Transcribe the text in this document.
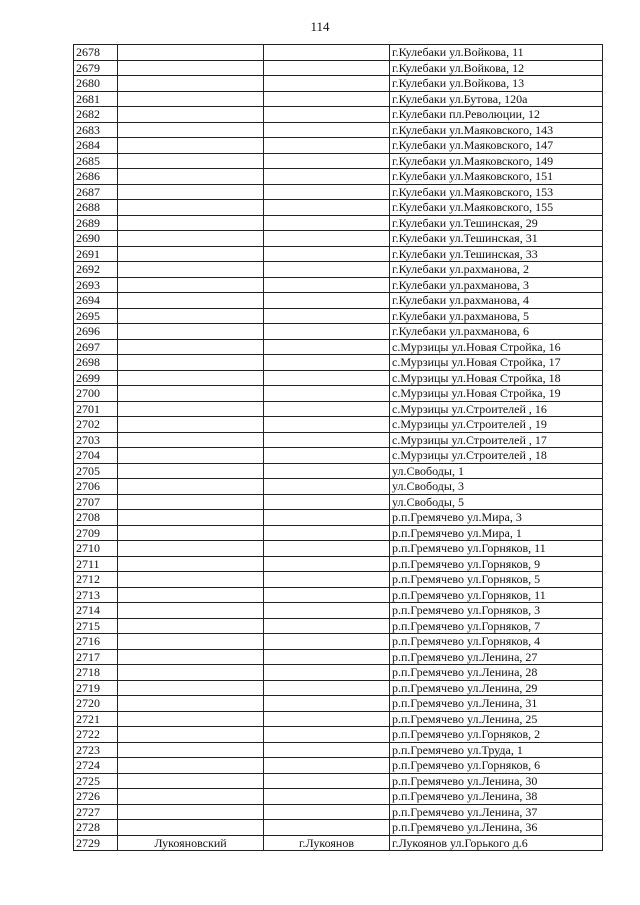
114
2678			г.Кулебаки ул.Войкова, 11
2679			г.Кулебаки ул.Войкова, 12
2680			г.Кулебаки ул.Войкова, 13
2681			г.Кулебаки ул.Бутова, 120а
2682			г.Кулебаки пл.Революции, 12
2683			г.Кулебаки ул.Маяковского, 143
2684			г.Кулебаки ул.Маяковского, 147
2685			г.Кулебаки ул.Маяковского, 149
2686			г.Кулебаки ул.Маяковского, 151
2687			г.Кулебаки ул.Маяковского, 153
2688			г.Кулебаки ул.Маяковского, 155
2689			г.Кулебаки ул.Тешинская, 29
2690			г.Кулебаки ул.Тешинская, 31
2691			г.Кулебаки ул.Тешинская, 33
2692			г.Кулебаки ул.рахманова, 2
2693			г.Кулебаки ул.рахманова, 3
2694			г.Кулебаки ул.рахманова, 4
2695			г.Кулебаки ул.рахманова, 5
2696			г.Кулебаки ул.рахманова, 6
2697			с.Мурзицы ул.Новая Стройка, 16
2698			с.Мурзицы ул.Новая Стройка, 17
2699			с.Мурзицы ул.Новая Стройка, 18
2700			с.Мурзицы ул.Новая Стройка, 19
2701			с.Мурзицы ул.Строителей , 16
2702			с.Мурзицы ул.Строителей , 19
2703			с.Мурзицы ул.Строителей , 17
2704			с.Мурзицы ул.Строителей , 18
2705			ул.Свободы, 1
2706			ул.Свободы, 3
2707			ул.Свободы, 5
2708			р.п.Гремячево ул.Мира, 3
2709			р.п.Гремячево ул.Мира, 1
2710			р.п.Гремячево ул.Горняков, 11
2711			р.п.Гремячево ул.Горняков, 9
2712			р.п.Гремячево ул.Горняков, 5
2713			р.п.Гремячево ул.Горняков, 11
2714			р.п.Гремячево ул.Горняков, 3
2715			р.п.Гремячево ул.Горняков, 7
2716			р.п.Гремячево ул.Горняков, 4
2717			р.п.Гремячево ул.Ленина, 27
2718			р.п.Гремячево ул.Ленина, 28
2719			р.п.Гремячево ул.Ленина, 29
2720			р.п.Гремячево ул.Ленина, 31
2721			р.п.Гремячево ул.Ленина, 25
2722			р.п.Гремячево ул.Горняков, 2
2723			р.п.Гремячево ул.Труда, 1
2724			р.п.Гремячево ул.Горняков, 6
2725			р.п.Гремячево ул.Ленина, 30
2726			р.п.Гремячево ул.Ленина, 38
2727			р.п.Гремячево ул.Ленина, 37
2728			р.п.Гремячево ул.Ленина, 36
2729	Лукояновский	г.Лукоянов	г.Лукоянов ул.Горького д.6
